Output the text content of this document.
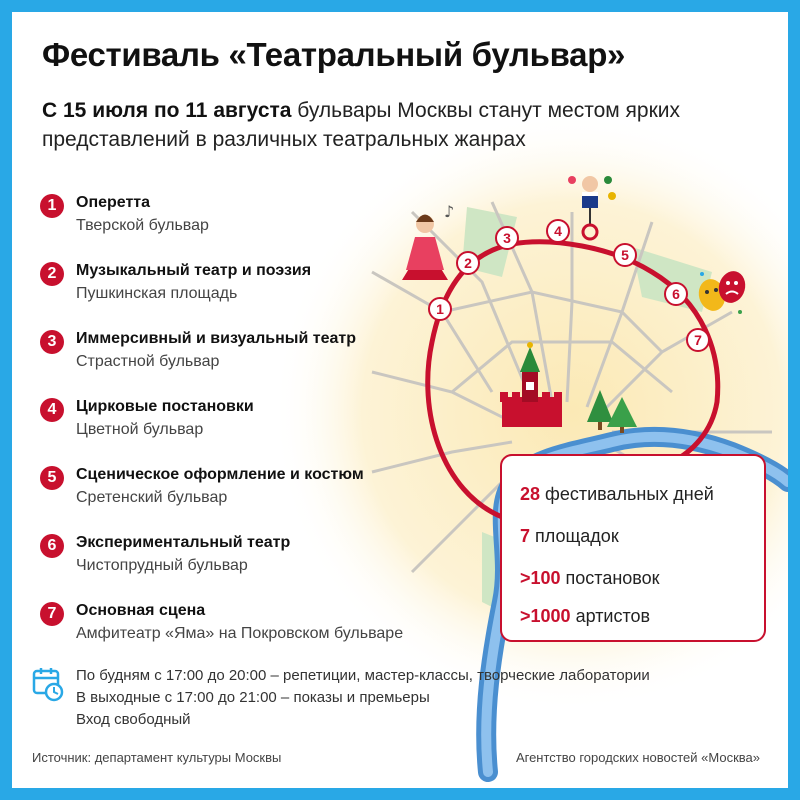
♪
1
2
3	4
5
6
7
Фестиваль «Театральный бульвар»
С 15 июля по 11 августа бульвары Москвы станут местом ярких представлений в различных театральных жанрах
1	Оперетта
Тверской бульвар
2	Музыкальный театр и поэзия
Пушкинская площадь
3	Иммерсивный и визуальный театр
Страстной бульвар
4	Цирковые постановки
Цветной бульвар
5	Сценическое оформление и костюм
Сретенский бульвар
6	Экспериментальный театр
Чистопрудный бульвар
7	Основная сцена
Амфитеатр «Яма» на Покровском бульваре
28 фестивальных дней
7 площадок
>100 постановок
>1000 артистов
По будням с 17:00 до 20:00 – репетиции, мастер-классы, творческие лаборатории
В выходные с 17:00 до 21:00 – показы и премьеры
Вход свободный
Источник: департамент культуры Москвы	Агентство городских новостей «Москва»
